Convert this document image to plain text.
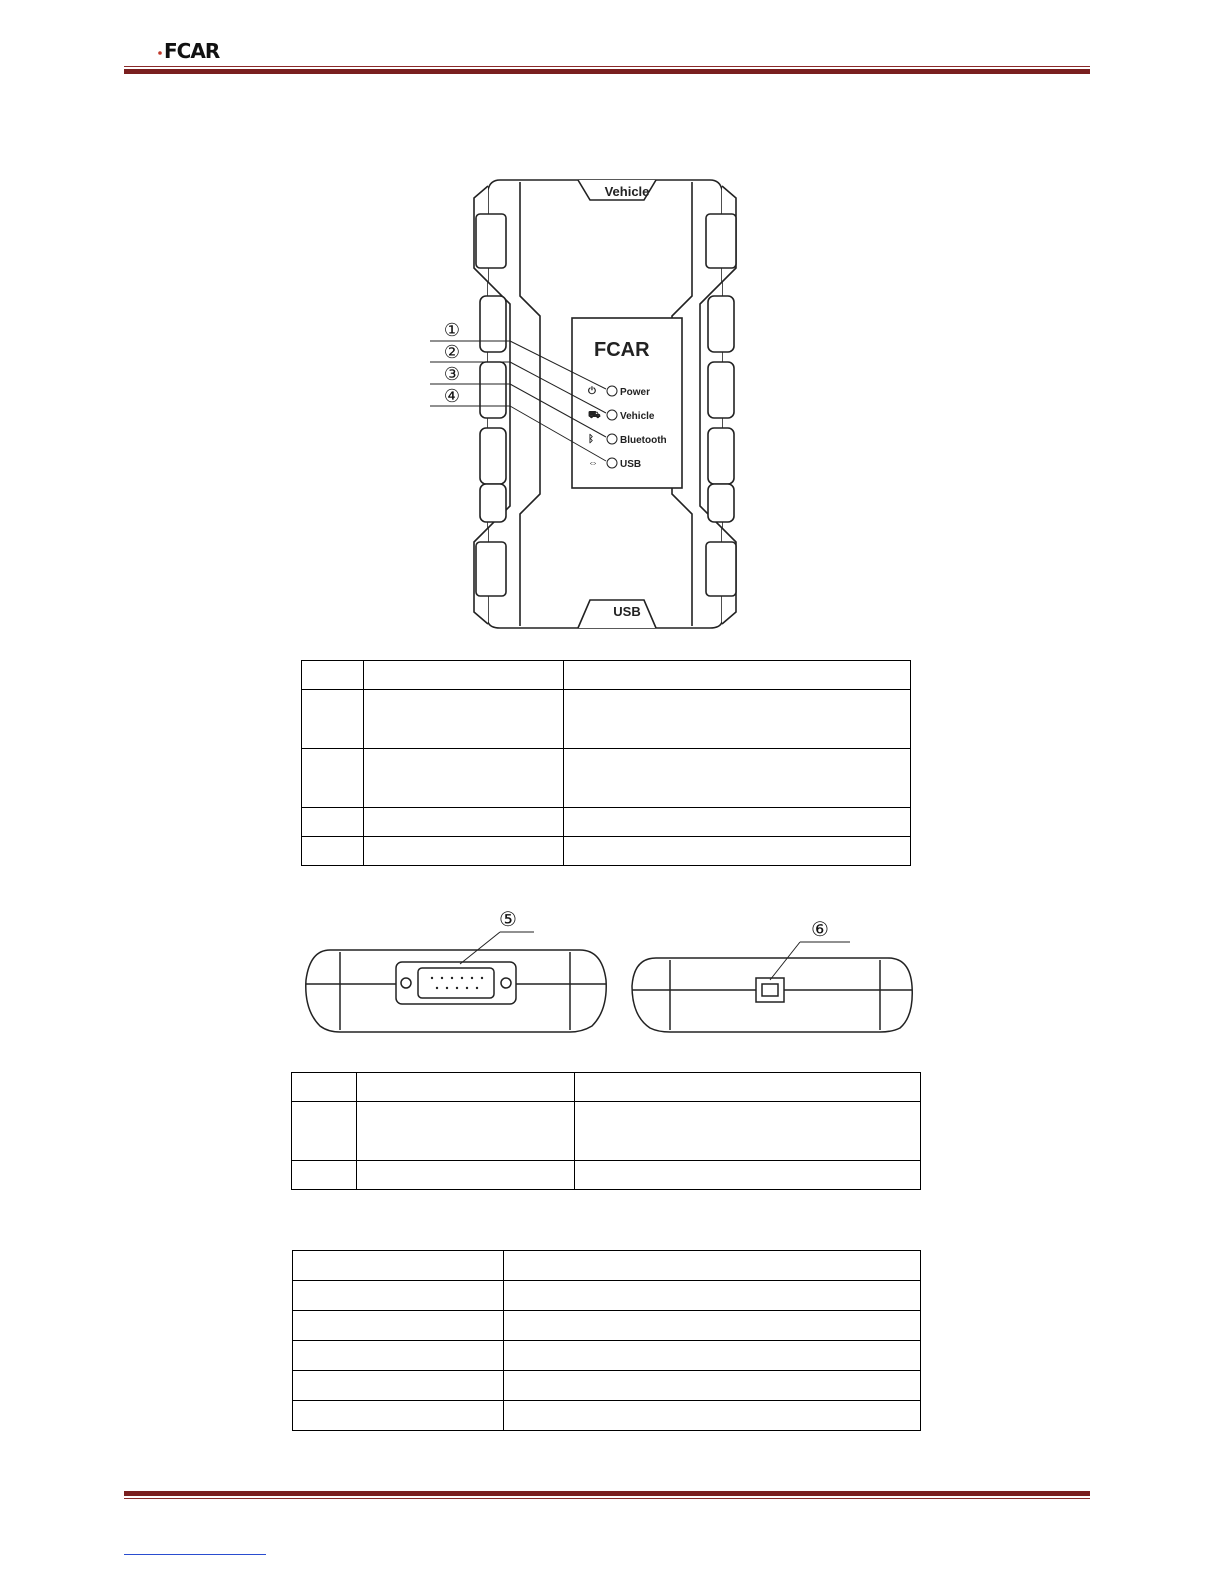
FCAR
Vehicle
USB
FCAR
⏻ Power
⛟ Vehicle
ᛒ	Bluetooth
⇔ USB
①
②
③
④

⑤	⑥
